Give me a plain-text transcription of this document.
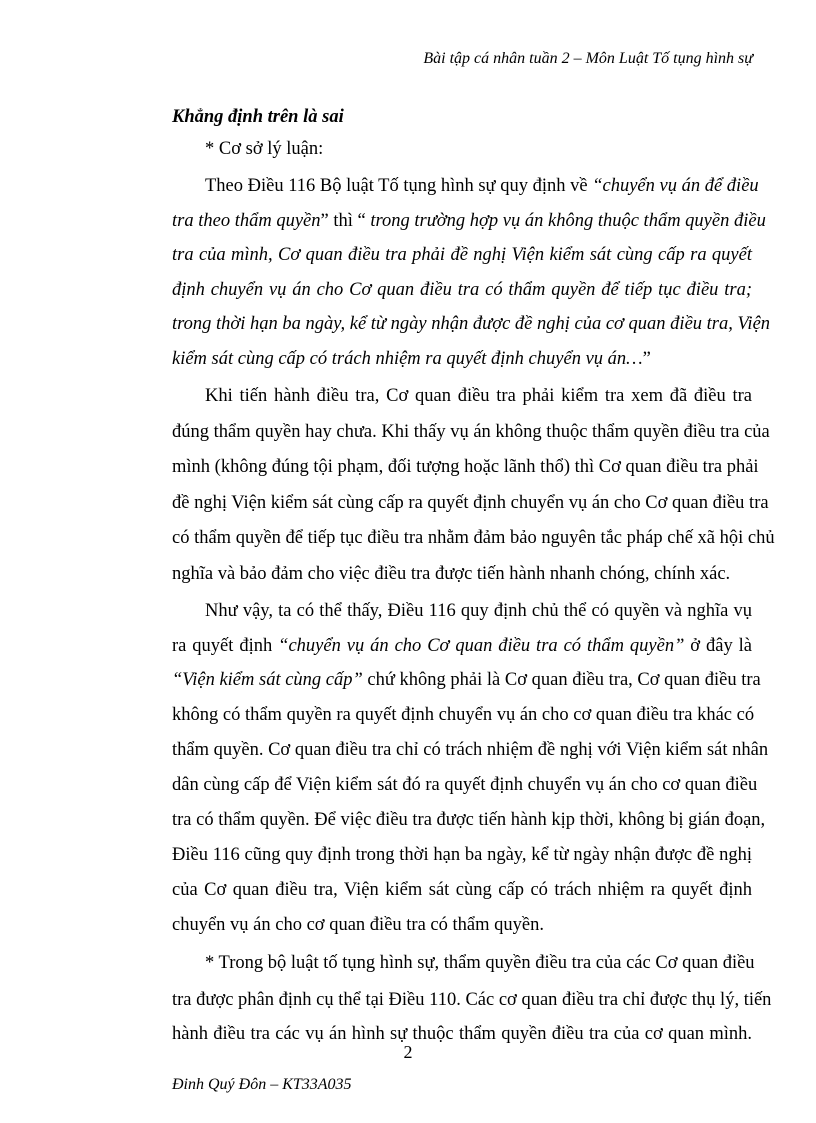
Bài tập cá nhân tuần 2 – Môn Luật Tố tụng hình sự
Khẳng định trên là sai
* Cơ sở lý luận:
Theo Điều 116 Bộ luật Tố tụng hình sự quy định về “chuyển vụ án để điều
tra theo thẩm quyền” thì “ trong trường hợp vụ án không thuộc thẩm quyền điều
tra của mình, Cơ quan điều tra phải đề nghị Viện kiểm sát cùng cấp ra quyết
định chuyển vụ án cho Cơ quan điều tra có thẩm quyền để tiếp tục điều tra;
trong thời hạn ba ngày, kể từ ngày nhận được đề nghị của cơ quan điều tra, Viện
kiểm sát cùng cấp có trách nhiệm ra quyết định chuyển vụ án…”
Khi tiến hành điều tra, Cơ quan điều tra phải kiểm tra xem đã điều tra
đúng thẩm quyền hay chưa. Khi thấy vụ án không thuộc thẩm quyền điều tra của
mình (không đúng tội phạm, đối tượng hoặc lãnh thổ) thì Cơ quan điều tra phải
đề nghị Viện kiểm sát cùng cấp ra quyết định chuyển vụ án cho Cơ quan điều tra
có thẩm quyền để tiếp tục điều tra nhằm đảm bảo nguyên tắc pháp chế xã hội chủ
nghĩa và bảo đảm cho việc điều tra được tiến hành nhanh chóng, chính xác.
Như vậy, ta có thể thấy, Điều 116 quy định chủ thể có quyền và nghĩa vụ
ra quyết định “chuyển vụ án cho Cơ quan điều tra có thẩm quyền” ở đây là
“Viện kiểm sát cùng cấp” chứ không phải là Cơ quan điều tra, Cơ quan điều tra
không có thẩm quyền ra quyết định chuyển vụ án cho cơ quan điều tra khác có
thẩm quyền. Cơ quan điều tra chỉ có trách nhiệm đề nghị với Viện kiểm sát nhân
dân cùng cấp để Viện kiểm sát đó ra quyết định chuyển vụ án cho cơ quan điều
tra có thẩm quyền. Để việc điều tra được tiến hành kịp thời, không bị gián đoạn,
Điều 116 cũng quy định trong thời hạn ba ngày, kể từ ngày nhận được đề nghị
của Cơ quan điều tra, Viện kiểm sát cùng cấp có trách nhiệm ra quyết định
chuyển vụ án cho cơ quan điều tra có thẩm quyền.
* Trong bộ luật tố tụng hình sự, thẩm quyền điều tra của các Cơ quan điều
tra được phân định cụ thể tại Điều 110. Các cơ quan điều tra chỉ được thụ lý, tiến
hành điều tra các vụ án hình sự thuộc thẩm quyền điều tra của cơ quan mình.
2
Đinh Quý Đôn – KT33A035
